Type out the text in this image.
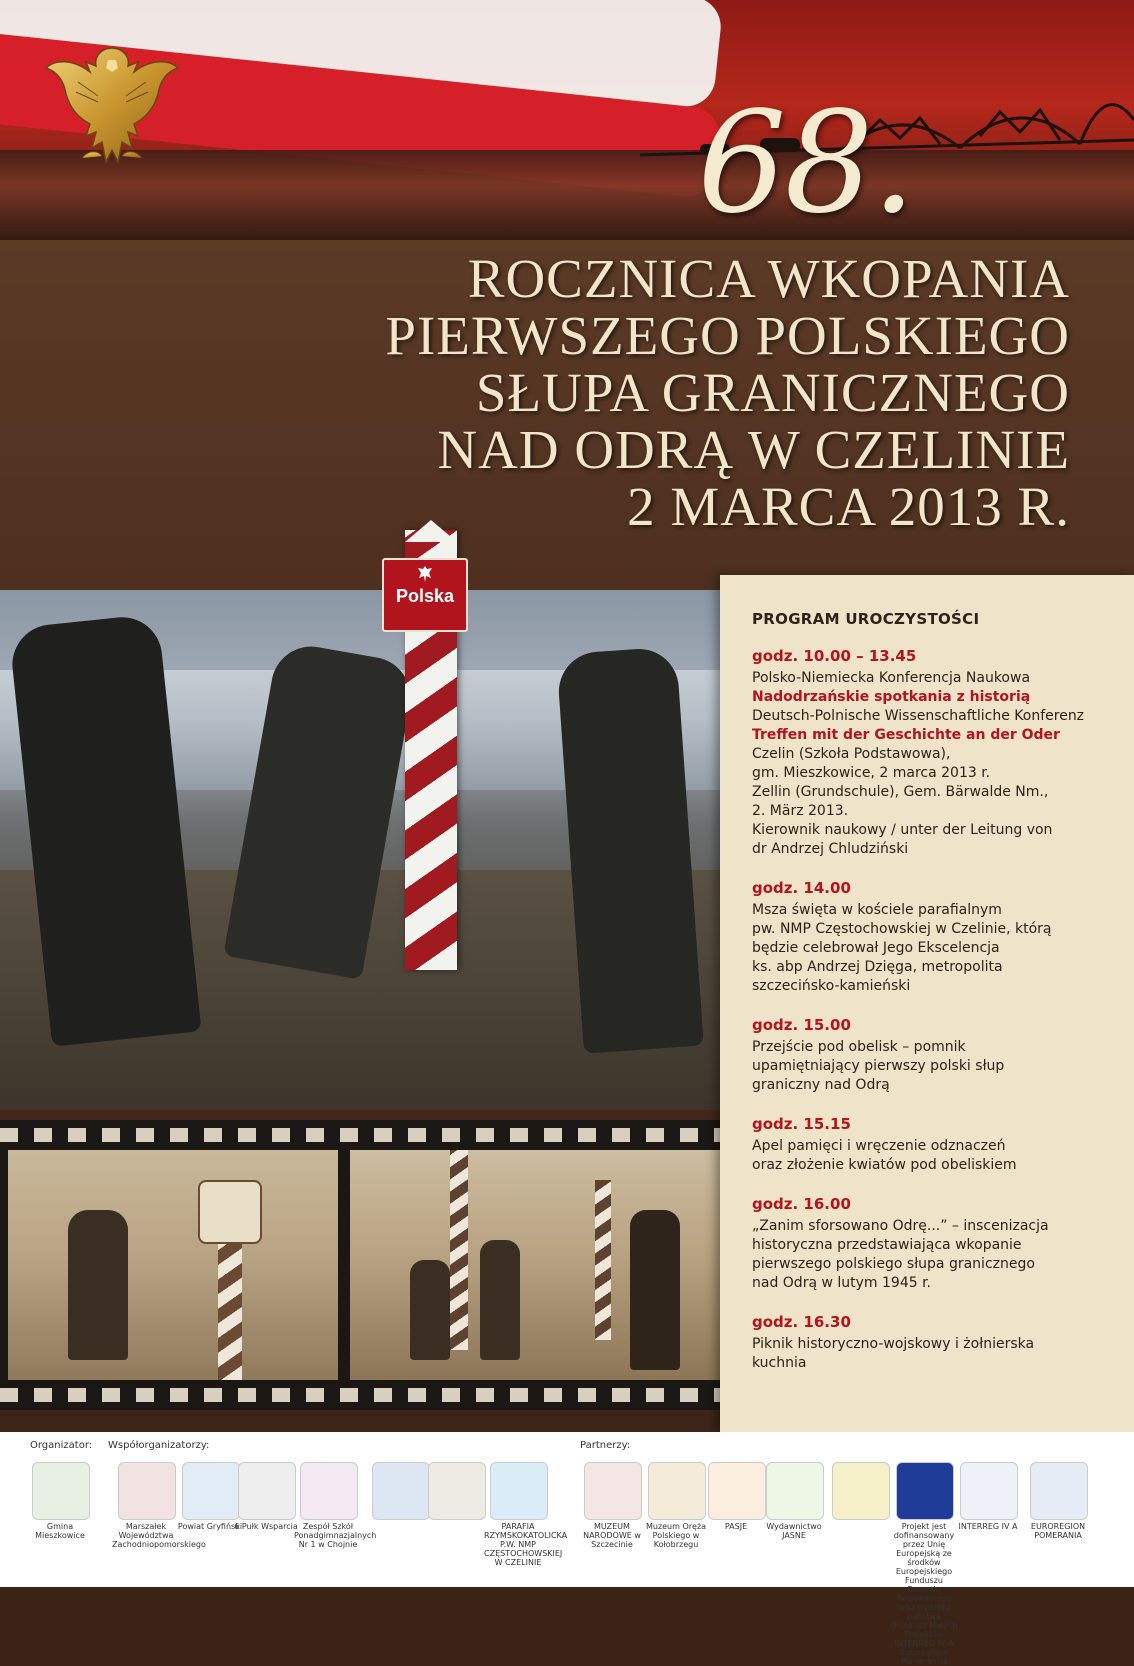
68.
ROCZNICA WKOPANIA
PIERWSZEGO POLSKIEGO
SŁUPA GRANICZNEGO
NAD ODRĄ W CZELINIE
2 MARCA 2013 R.
Polska
PROGRAM UROCZYSTOŚCI
godz. 10.00 – 13.45
Polsko-Niemiecka Konferencja Naukowa
Nadodrzańskie spotkania z historią
Deutsch-Polnische Wissenschaftliche Konferenz
Treffen mit der Geschichte an der Oder
Czelin (Szkoła Podstawowa),
gm. Mieszkowice, 2 marca 2013 r.
Zellin (Grundschule), Gem. Bärwalde Nm.,
2. März 2013.
Kierownik naukowy / unter der Leitung von
dr Andrzej Chludziński
godz. 14.00
Msza święta w kościele parafialnym
pw. NMP Częstochowskiej w Czelinie, którą
będzie celebrował Jego Ekscelencja
ks. abp Andrzej Dzięga, metropolita
szczecińsko-kamieński
godz. 15.00
Przejście pod obelisk – pomnik
upamiętniający pierwszy polski słup
graniczny nad Odrą
godz. 15.15
Apel pamięci i wręczenie odznaczeń
oraz złożenie kwiatów pod obeliskiem
godz. 16.00
„Zanim sforsowano Odrę...” – inscenizacja
historyczna przedstawiająca wkopanie
pierwszego polskiego słupa granicznego
nad Odrą w lutym 1945 r.
godz. 16.30
Piknik historyczno-wojskowy i żołnierska
kuchnia
Organizator: Współorganizatorzy:	Partnerzy:
Gmina Mieszkowice
Marszałek Województwa Zachodniopomorskiego
Powiat Gryfiński
6 Pułk Wsparcia Zespół Szkół Ponadgimnazjalnych Nr 1 w Chojnie
PARAFIA RZYMSKOKATOLICKA P.W. NMP CZĘSTOCHOWSKIEJ W CZELINIE
MUZEUM NARODOWE w Szczecinie
Muzeum Oręża Polskiego w Kołobrzegu
PASJE	Wydawnictwo JASNE
Projekt jest dofinansowany przez Unię Europejską ze środków Europejskiego Funduszu Rozwoju Regionalnego oraz budżetu państwa (Fundusz Małych Projektów INTERREG IV A Euroregionu Pomerania)
INTERREG IV A	EUROREGION POMERANIA
